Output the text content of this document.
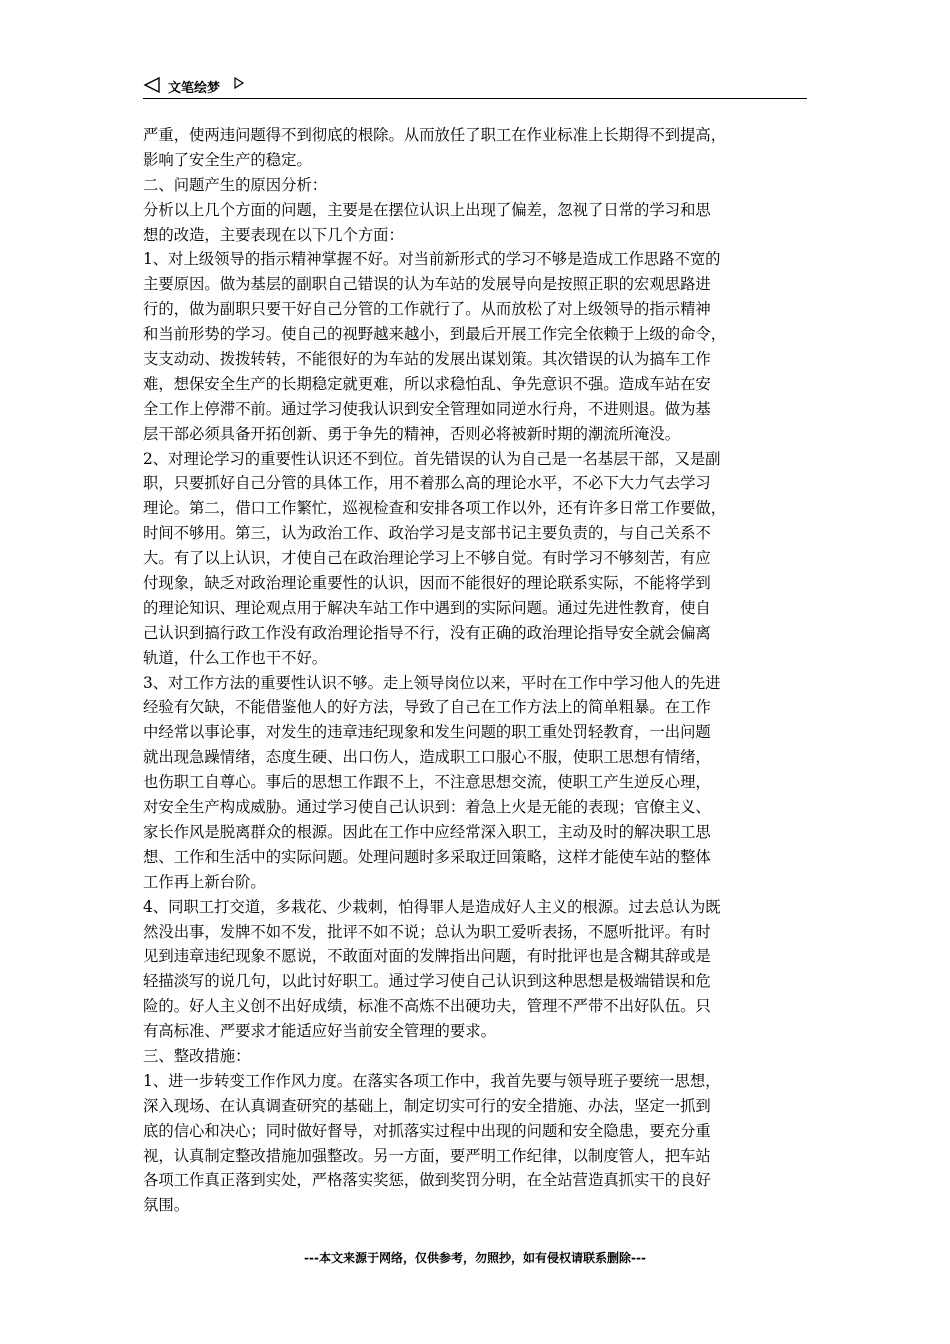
文笔绘梦
严重，使两违问题得不到彻底的根除。从而放任了职工在作业标准上长期得不到提高，
影响了安全生产的稳定。
二、问题产生的原因分析：
分析以上几个方面的问题，主要是在摆位认识上出现了偏差，忽视了日常的学习和思
想的改造，主要表现在以下几个方面：
1、对上级领导的指示精神掌握不好。对当前新形式的学习不够是造成工作思路不宽的
主要原因。做为基层的副职自己错误的认为车站的发展导向是按照正职的宏观思路进
行的，做为副职只要干好自己分管的工作就行了。从而放松了对上级领导的指示精神
和当前形势的学习。使自己的视野越来越小，到最后开展工作完全依赖于上级的命令，
支支动动、拨拨转转，不能很好的为车站的发展出谋划策。其次错误的认为搞车工作
难，想保安全生产的长期稳定就更难，所以求稳怕乱、争先意识不强。造成车站在安
全工作上停滞不前。通过学习使我认识到安全管理如同逆水行舟，不进则退。做为基
层干部必须具备开拓创新、勇于争先的精神，否则必将被新时期的潮流所淹没。
2、对理论学习的重要性认识还不到位。首先错误的认为自己是一名基层干部，又是副
职，只要抓好自己分管的具体工作，用不着那么高的理论水平，不必下大力气去学习
理论。第二，借口工作繁忙，巡视检查和安排各项工作以外，还有许多日常工作要做，
时间不够用。第三，认为政治工作、政治学习是支部书记主要负责的，与自己关系不
大。有了以上认识，才使自己在政治理论学习上不够自觉。有时学习不够刻苦，有应
付现象，缺乏对政治理论重要性的认识，因而不能很好的理论联系实际，不能将学到
的理论知识、理论观点用于解决车站工作中遇到的实际问题。通过先进性教育，使自
己认识到搞行政工作没有政治理论指导不行，没有正确的政治理论指导安全就会偏离
轨道，什么工作也干不好。
3、对工作方法的重要性认识不够。走上领导岗位以来，平时在工作中学习他人的先进
经验有欠缺，不能借鉴他人的好方法，导致了自己在工作方法上的简单粗暴。在工作
中经常以事论事，对发生的违章违纪现象和发生问题的职工重处罚轻教育，一出问题
就出现急躁情绪，态度生硬、出口伤人，造成职工口服心不服，使职工思想有情绪，
也伤职工自尊心。事后的思想工作跟不上，不注意思想交流，使职工产生逆反心理，
对安全生产构成威胁。通过学习使自己认识到：着急上火是无能的表现；官僚主义、
家长作风是脱离群众的根源。因此在工作中应经常深入职工，主动及时的解决职工思
想、工作和生活中的实际问题。处理问题时多采取迂回策略，这样才能使车站的整体
工作再上新台阶。
4、同职工打交道，多栽花、少栽刺，怕得罪人是造成好人主义的根源。过去总认为既
然没出事，发牌不如不发，批评不如不说；总认为职工爱听表扬，不愿听批评。有时
见到违章违纪现象不愿说，不敢面对面的发牌指出问题，有时批评也是含糊其辞或是
轻描淡写的说几句，以此讨好职工。通过学习使自己认识到这种思想是极端错误和危
险的。好人主义创不出好成绩，标准不高炼不出硬功夫，管理不严带不出好队伍。只
有高标准、严要求才能适应好当前安全管理的要求。
三、整改措施：
1、进一步转变工作作风力度。在落实各项工作中，我首先要与领导班子要统一思想，
深入现场、在认真调查研究的基础上，制定切实可行的安全措施、办法，坚定一抓到
底的信心和决心；同时做好督导，对抓落实过程中出现的问题和安全隐患，要充分重
视，认真制定整改措施加强整改。另一方面，要严明工作纪律，以制度管人，把车站
各项工作真正落到实处，严格落实奖惩，做到奖罚分明，在全站营造真抓实干的良好
氛围。
---本文来源于网络，仅供参考，勿照抄，如有侵权请联系删除---
